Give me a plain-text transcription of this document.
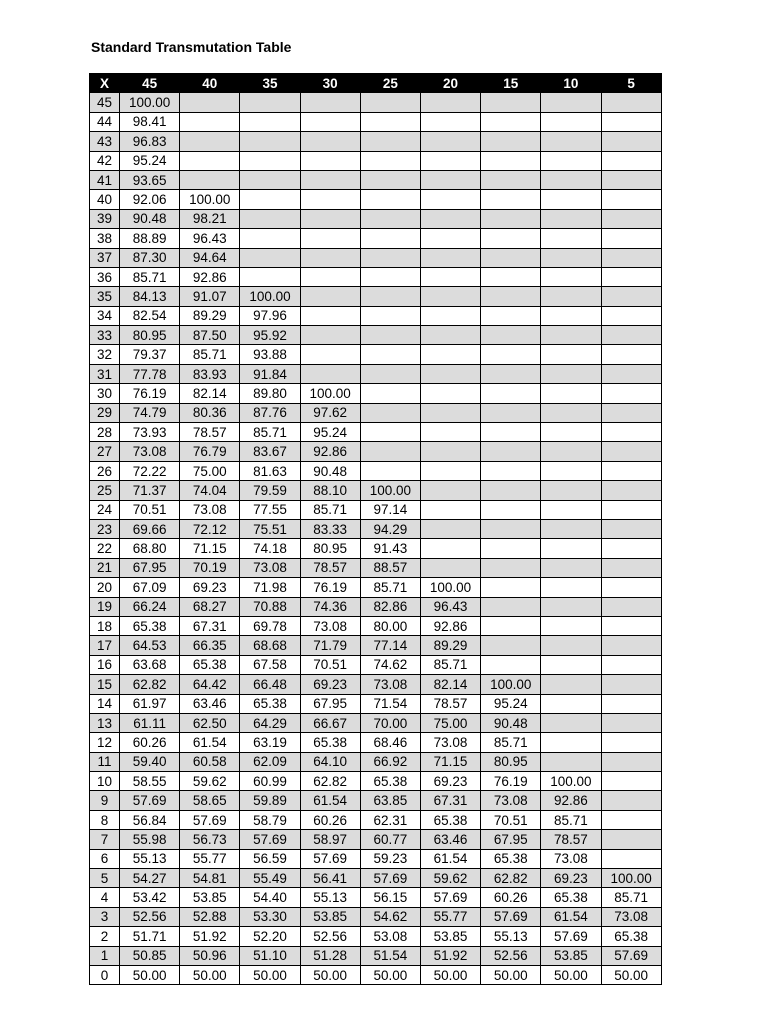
Standard Transmutation Table
X	45	40	35	30	25	20	15	10	5
45	100.00								
44	98.41								
43	96.83								
42	95.24								
41	93.65								
40	92.06	100.00							
39	90.48	98.21							
38	88.89	96.43							
37	87.30	94.64							
36	85.71	92.86							
35	84.13	91.07	100.00						
34	82.54	89.29	97.96						
33	80.95	87.50	95.92						
32	79.37	85.71	93.88						
31	77.78	83.93	91.84						
30	76.19	82.14	89.80	100.00					
29	74.79	80.36	87.76	97.62					
28	73.93	78.57	85.71	95.24					
27	73.08	76.79	83.67	92.86					
26	72.22	75.00	81.63	90.48					
25	71.37	74.04	79.59	88.10	100.00				
24	70.51	73.08	77.55	85.71	97.14				
23	69.66	72.12	75.51	83.33	94.29				
22	68.80	71.15	74.18	80.95	91.43				
21	67.95	70.19	73.08	78.57	88.57				
20	67.09	69.23	71.98	76.19	85.71	100.00			
19	66.24	68.27	70.88	74.36	82.86	96.43			
18	65.38	67.31	69.78	73.08	80.00	92.86			
17	64.53	66.35	68.68	71.79	77.14	89.29			
16	63.68	65.38	67.58	70.51	74.62	85.71			
15	62.82	64.42	66.48	69.23	73.08	82.14	100.00		
14	61.97	63.46	65.38	67.95	71.54	78.57	95.24		
13	61.11	62.50	64.29	66.67	70.00	75.00	90.48		
12	60.26	61.54	63.19	65.38	68.46	73.08	85.71		
11	59.40	60.58	62.09	64.10	66.92	71.15	80.95		
10	58.55	59.62	60.99	62.82	65.38	69.23	76.19	100.00	
9	57.69	58.65	59.89	61.54	63.85	67.31	73.08	92.86	
8	56.84	57.69	58.79	60.26	62.31	65.38	70.51	85.71	
7	55.98	56.73	57.69	58.97	60.77	63.46	67.95	78.57	
6	55.13	55.77	56.59	57.69	59.23	61.54	65.38	73.08	
5	54.27	54.81	55.49	56.41	57.69	59.62	62.82	69.23	100.00
4	53.42	53.85	54.40	55.13	56.15	57.69	60.26	65.38	85.71
3	52.56	52.88	53.30	53.85	54.62	55.77	57.69	61.54	73.08
2	51.71	51.92	52.20	52.56	53.08	53.85	55.13	57.69	65.38
1	50.85	50.96	51.10	51.28	51.54	51.92	52.56	53.85	57.69
0	50.00	50.00	50.00	50.00	50.00	50.00	50.00	50.00	50.00
